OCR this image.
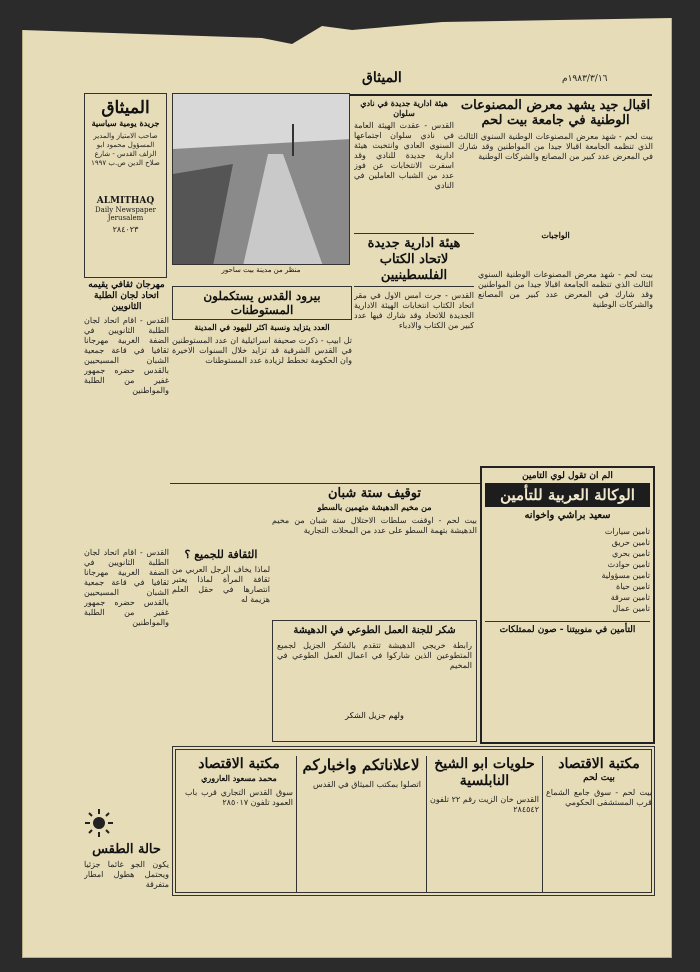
الميثاق	١٩٨٣/٣/١٦م
الميثاق
جريدة يومية سياسية
صاحب الامتياز والمدير المسؤول محمود ابو الزلف القدس - شارع صلاح الدين ص.ب ١٩٩٧
ALMITHAQ
Daily Newspaper
Jerusalem
٢٨٤٠٢٣
مهرجان ثقافي يقيمه اتحاد لجان الطلبة الثانويين
القدس - اقام اتحاد لجان الطلبة الثانويين في الضفة الغربية مهرجانا ثقافيا في قاعة جمعية الشبان المسيحيين بالقدس حضره جمهور غفير من الطلبة والمواطنين
منظر من مدينة بيت ساحور
هيئة ادارية جديدة في نادي سلوان
القدس - عقدت الهيئة العامة في نادي سلوان اجتماعها السنوي العادي وانتخبت هيئة ادارية جديدة للنادي وقد اسفرت الانتخابات عن فوز عدد من الشباب العاملين في النادي
اقبال جيد يشهد معرض المصنوعات الوطنية في جامعة بيت لحم
بيت لحم - شهد معرض المصنوعات الوطنية السنوي الثالث الذي تنظمه الجامعة اقبالا جيدا من المواطنين وقد شارك في المعرض عدد كبير من المصانع والشركات الوطنية
الواجبات
هيئة ادارية جديدة لاتحاد الكتاب الفلسطينيين
القدس - جرت امس الاول في مقر اتحاد الكتاب انتخابات الهيئة الادارية الجديدة للاتحاد وقد شارك فيها عدد كبير من الكتاب والادباء
بيت لحم - شهد معرض المصنوعات الوطنية السنوي الثالث الذي تنظمه الجامعة اقبالا جيدا من المواطنين وقد شارك في المعرض عدد كبير من المصانع والشركات الوطنية
بيرود القدس يستكملون المستوطنات
العدد يتزايد ونسبة اكثر لليهود في المدينة
تل ابيب - ذكرت صحيفة اسرائيلية ان عدد المستوطنين في القدس الشرقية قد تزايد خلال السنوات الاخيرة وان الحكومة تخطط لزيادة عدد المستوطنات
توقيف ستة شبان
من مخيم الدهيشة متهمين بالسطو
بيت لحم - اوقفت سلطات الاحتلال ستة شبان من مخيم الدهيشة بتهمة السطو على عدد من المحلات التجارية
القدس - اقام اتحاد لجان الطلبة الثانويين في الضفة الغربية مهرجانا ثقافيا في قاعة جمعية الشبان المسيحيين بالقدس حضره جمهور غفير من الطلبة والمواطنين
الثقافة للجميع ؟
لماذا يخاف الرجل العربي من ثقافة المرأة لماذا يعتبر انتصارها في حقل العلم هزيمة له
شكر للجنة العمل الطوعي في الدهيشة
رابطة خريجي الدهيشة تتقدم بالشكر الجزيل لجميع المتطوعين الذين شاركوا في اعمال العمل الطوعي في المخيم
ولهم جزيل الشكر
الم ان تقول لوي التأمين
الوكالة العربية للتأمين
سعيد براشي واخوانه
تأمين سيارات
تأمين حريق
تأمين بحري
تأمين حوادث
تأمين مسؤولية
تأمين حياة
تأمين سرقة
تأمين عمال
التأمين في منوبيتنا - صون لممتلكات
مكتبة الاقتصاد
بيت لحم
بيت لحم - سوق جامع الشماع قرب المستشفى الحكومي
حلويات ابو الشيخ النابلسية
القدس خان الزيت رقم ٢٢ تلفون ٢٨٤٥٤٢
لاعلاناتكم واخباركم
اتصلوا بمكتب الميثاق في القدس
مكتبة الاقتصاد
محمد مسعود العاروري
سوق القدس التجاري قرب باب العمود تلفون ٢٨٥٠١٧
حالة الطقس
يكون الجو غائما جزئيا ويحتمل هطول امطار متفرقة
